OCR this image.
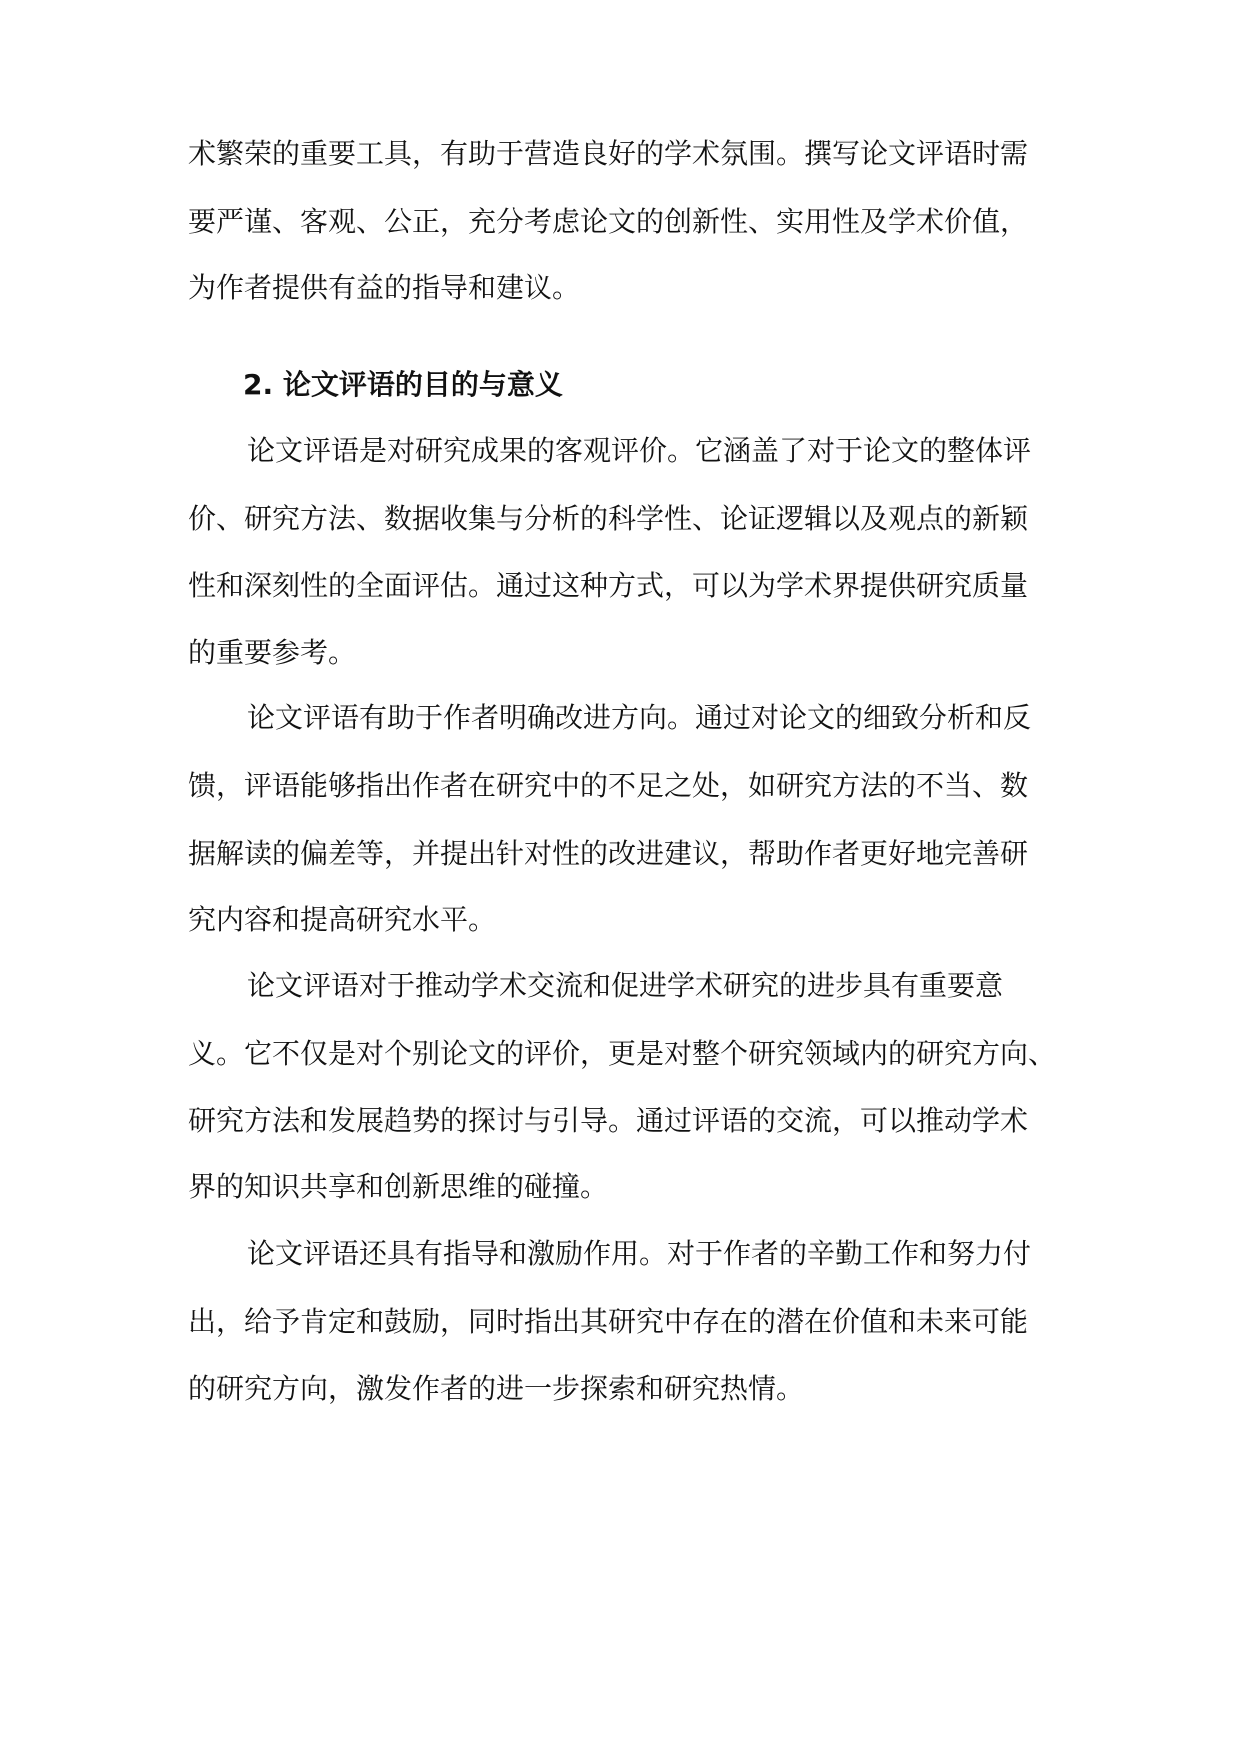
术繁荣的重要工具，有助于营造良好的学术氛围。撰写论文评语时需
要严谨、客观、公正，充分考虑论文的创新性、实用性及学术价值，
为作者提供有益的指导和建议。
2. 论文评语的目的与意义
论文评语是对研究成果的客观评价。它涵盖了对于论文的整体评
价、研究方法、数据收集与分析的科学性、论证逻辑以及观点的新颖
性和深刻性的全面评估。通过这种方式，可以为学术界提供研究质量
的重要参考。
论文评语有助于作者明确改进方向。通过对论文的细致分析和反
馈，评语能够指出作者在研究中的不足之处，如研究方法的不当、数
据解读的偏差等，并提出针对性的改进建议，帮助作者更好地完善研
究内容和提高研究水平。
论文评语对于推动学术交流和促进学术研究的进步具有重要意
义。它不仅是对个别论文的评价，更是对整个研究领域内的研究方向、
研究方法和发展趋势的探讨与引导。通过评语的交流，可以推动学术
界的知识共享和创新思维的碰撞。
论文评语还具有指导和激励作用。对于作者的辛勤工作和努力付
出，给予肯定和鼓励，同时指出其研究中存在的潜在价值和未来可能
的研究方向，激发作者的进一步探索和研究热情。
